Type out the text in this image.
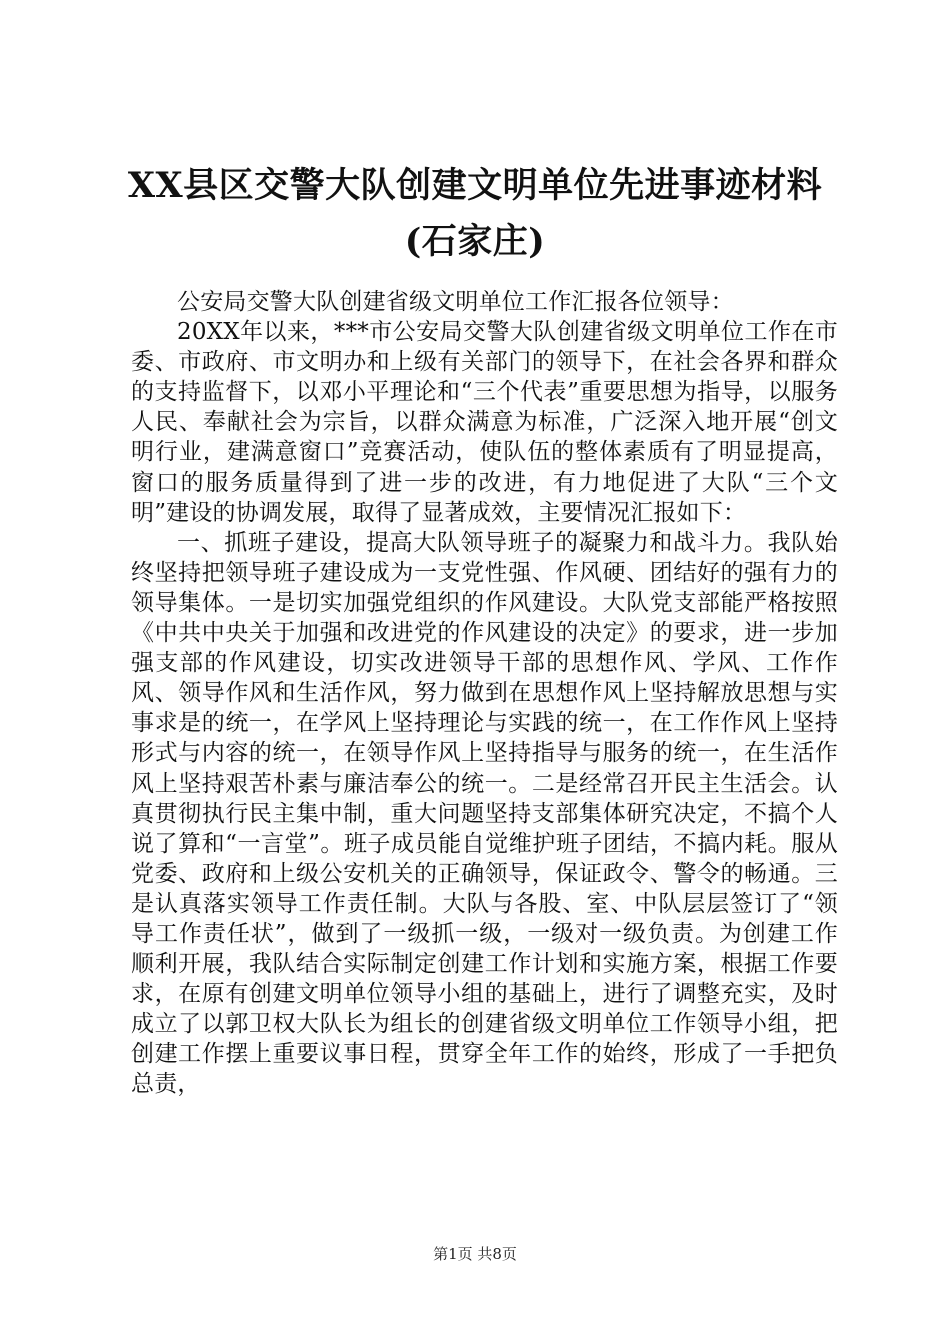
XX县区交警大队创建文明单位先进事迹材料
(石家庄)

公安局交警大队创建省级文明单位工作汇报各位领导：

20XX年以来，***市公安局交警大队创建省级文明单位工作在市委、市政府、市文明办和上级有关部门的领导下，在社会各界和群众的支持监督下，以邓小平理论和“三个代表”重要思想为指导，以服务人民、奉献社会为宗旨，以群众满意为标准，广泛深入地开展“创文明行业，建满意窗口”竞赛活动，使队伍的整体素质有了明显提高，窗口的服务质量得到了进一步的改进，有力地促进了大队“三个文明”建设的协调发展，取得了显著成效，主要情况汇报如下：

一、抓班子建设，提高大队领导班子的凝聚力和战斗力。我队始终坚持把领导班子建设成为一支党性强、作风硬、团结好的强有力的领导集体。一是切实加强党组织的作风建设。大队党支部能严格按照《中共中央关于加强和改进党的作风建设的决定》的要求，进一步加强支部的作风建设，切实改进领导干部的思想作风、学风、工作作风、领导作风和生活作风，努力做到在思想作风上坚持解放思想与实事求是的统一，在学风上坚持理论与实践的统一，在工作作风上坚持形式与内容的统一，在领导作风上坚持指导与服务的统一，在生活作风上坚持艰苦朴素与廉洁奉公的统一。二是经常召开民主生活会。认真贯彻执行民主集中制，重大问题坚持支部集体研究决定，不搞个人说了算和“一言堂”。班子成员能自觉维护班子团结，不搞内耗。服从党委、政府和上级公安机关的正确领导，保证政令、警令的畅通。三是认真落实领导工作责任制。大队与各股、室、中队层层签订了“领导工作责任状”，做到了一级抓一级，一级对一级负责。为创建工作顺利开展，我队结合实际制定创建工作计划和实施方案，根据工作要求，在原有创建文明单位领导小组的基础上，进行了调整充实，及时成立了以郭卫权大队长为组长的创建省级文明单位工作领导小组，把创建工作摆上重要议事日程，贯穿全年工作的始终，形成了一手把负总责，

第1页 共8页
